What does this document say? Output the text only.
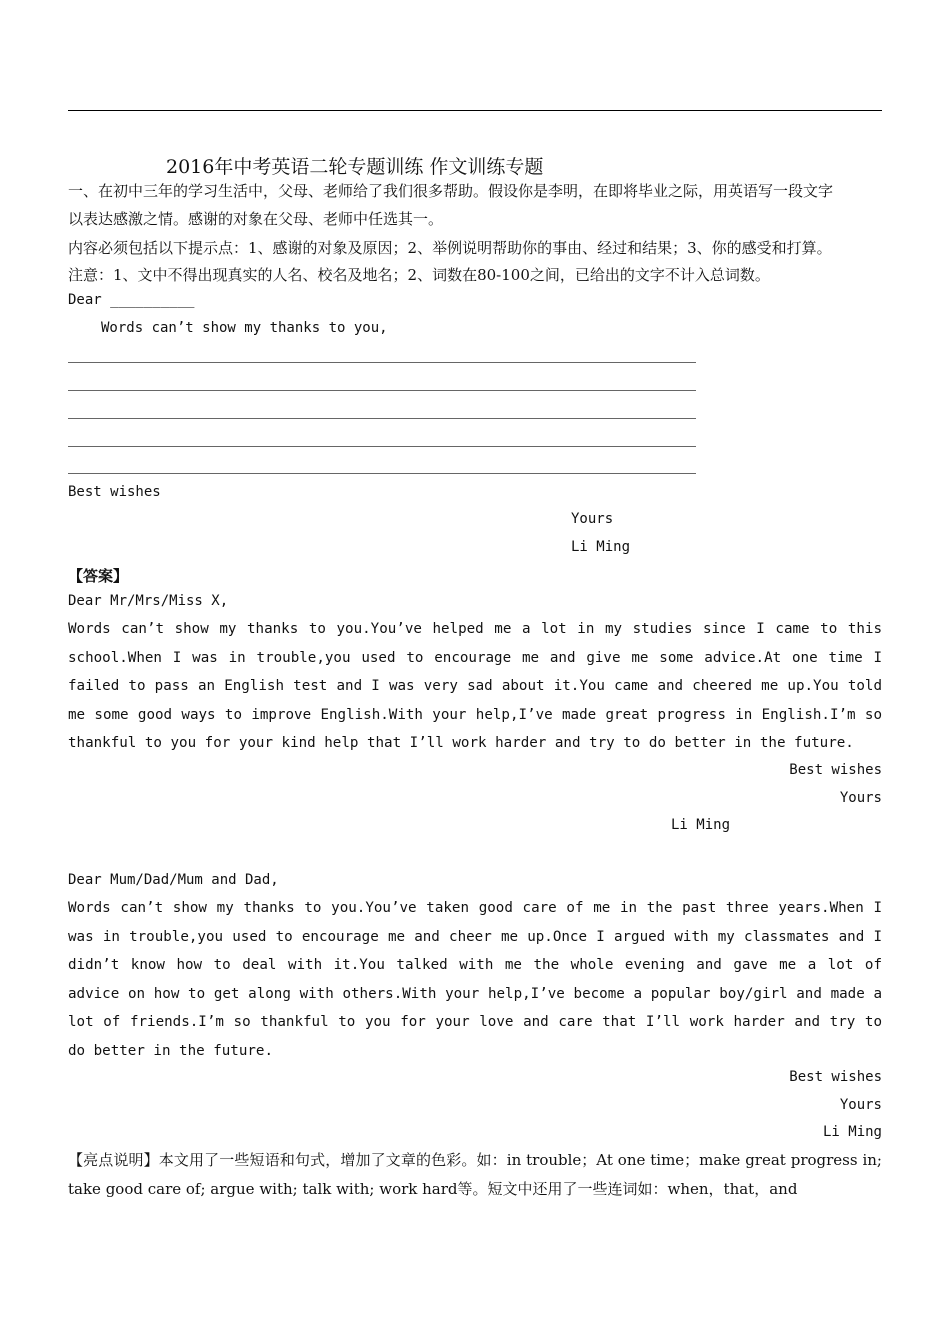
2016年中考英语二轮专题训练 作文训练专题
一、在初中三年的学习生活中，父母、老师给了我们很多帮助。假设你是李明，在即将毕业之际，用英语写一段文字
以表达感激之情。感谢的对象在父母、老师中任选其一。
内容必须包括以下提示点：1、感谢的对象及原因；2、举例说明帮助你的事由、经过和结果；3、你的感受和打算。
注意：1、文中不得出现真实的人名、校名及地名；2、词数在80-100之间，已给出的文字不计入总词数。
Dear __________
Words can’t show my thanks to you,
Best wishes
Yours
Li Ming
【答案】
Dear Mr/Mrs/Miss X,
Words can’t show my thanks to you.You’ve helped me a lot in my studies since I came to this school.When I was in trouble,you used to encourage me and give me some advice.At one time I failed to pass an English test and I was very sad about it.You came and cheered me up.You told me some good ways to improve English.With your help,I’ve made great progress in English.I’m so thankful to you for your kind help that I’ll work harder and try to do better in the future.
Best wishes
Yours
Li Ming
Dear Mum/Dad/Mum and Dad,
Words can’t show my thanks to you.You’ve taken good care of me in the past three years.When I was in trouble,you used to encourage me and cheer me up.Once I argued with my classmates and I didn’t know how to deal with it.You talked with me the whole evening and gave me a lot of advice on how to get along with others.With your help,I’ve become a popular boy/girl and made a lot of friends.I’m so thankful to you for your love and care that I’ll work harder and try to do better in the future.
Best wishes
Yours
Li Ming
【亮点说明】本文用了一些短语和句式，增加了文章的色彩。如：in trouble；At one time；make great progress in; take good care of; argue with; talk with; work hard等。短文中还用了一些连词如：when，that，and
